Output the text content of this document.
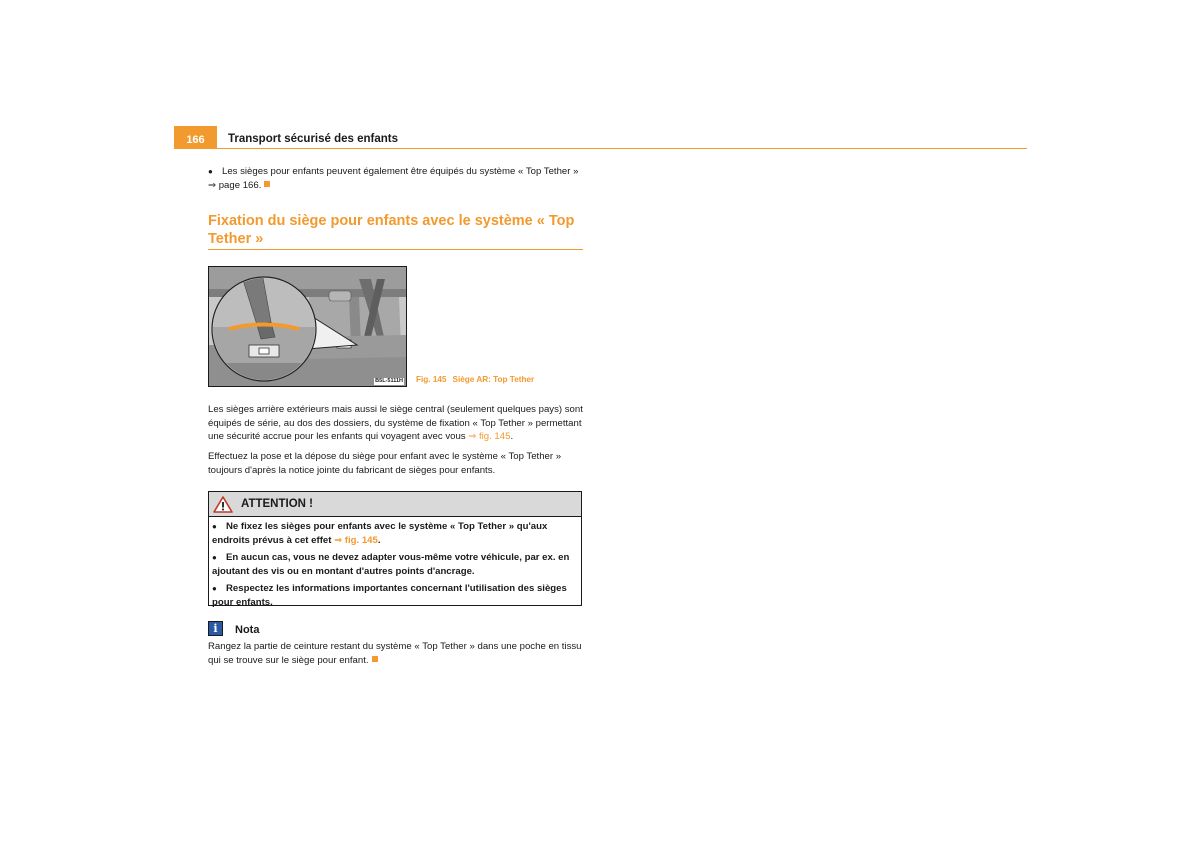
166	Transport sécurisé des enfants
● Les sièges pour enfants peuvent également être équipés du système « Top Tether »
⇒ page 166.
Fixation du siège pour enfants avec le système « Top
Tether »
B5L-5111H Fig. 145 Siège AR: Top Tether
Les sièges arrière extérieurs mais aussi le siège central (seulement quelques pays) sont
équipés de série, au dos des dossiers, du système de fixation « Top Tether » permettant
une sécurité accrue pour les enfants qui voyagent avec vous ⇒ fig. 145.
Effectuez la pose et la dépose du siège pour enfant avec le système « Top Tether »
toujours d'après la notice jointe du fabricant de sièges pour enfants.
ATTENTION !
● Ne fixez les sièges pour enfants avec le système « Top Tether » qu'aux endroits prévus à cet effet ⇒ fig. 145.
● En aucun cas, vous ne devez adapter vous-même votre véhicule, par ex. en ajoutant des vis ou en montant d'autres points d'ancrage.
● Respectez les informations importantes concernant l'utilisation des sièges pour enfants.
i	Nota
Rangez la partie de ceinture restant du système « Top Tether » dans une poche en tissu
qui se trouve sur le siège pour enfant.
